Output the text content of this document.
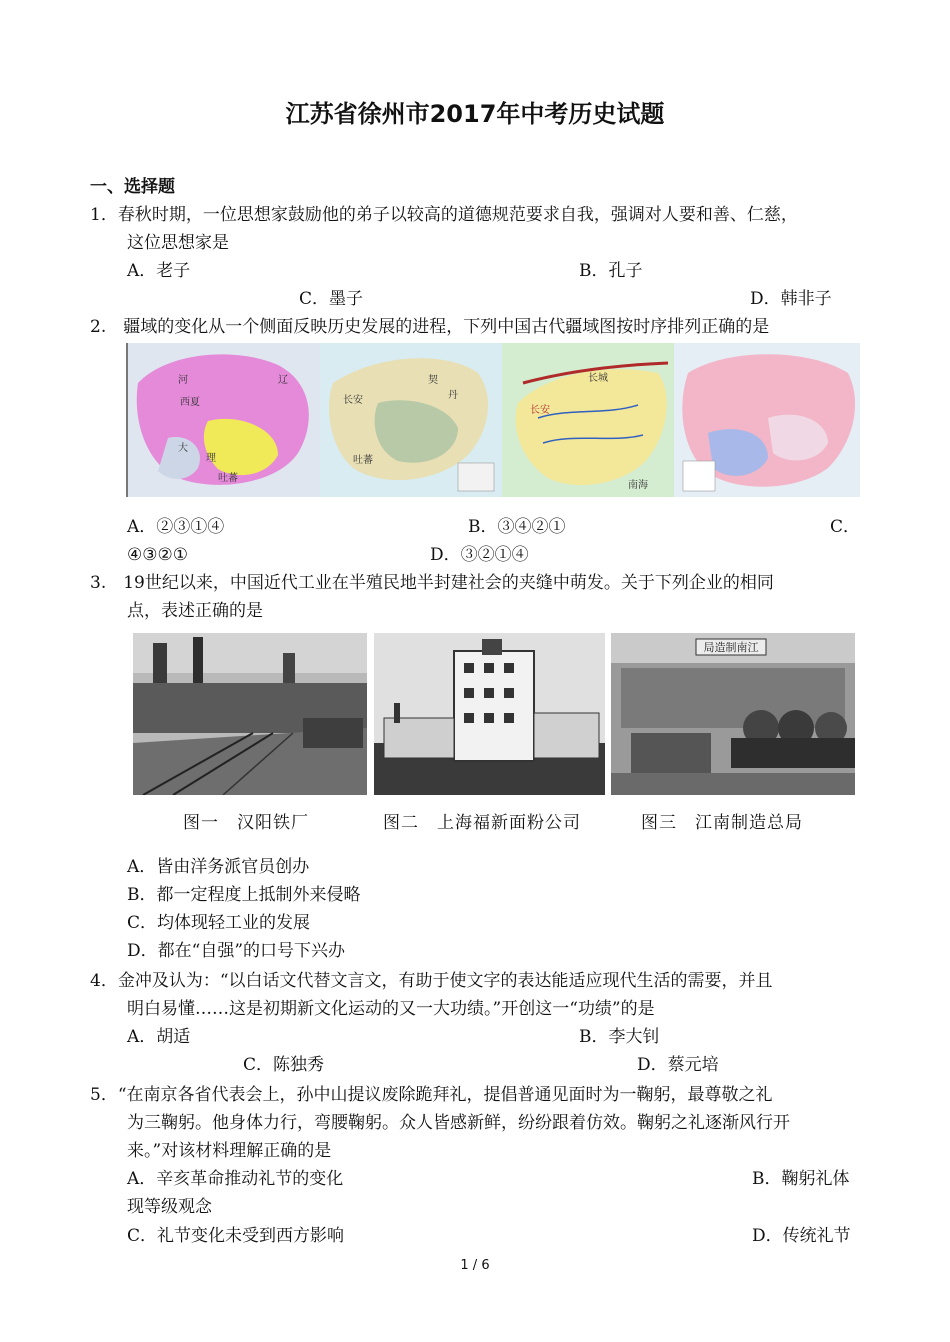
江苏省徐州市2017年中考历史试题
一、选择题
1．春秋时期，一位思想家鼓励他的弟子以较高的道德规范要求自我，强调对人要和善、仁慈，
这位思想家是
A．老子	B．孔子
C．墨子	D．韩非子
2.　疆域的变化从一个侧面反映历史发展的进程，下列中国古代疆域图按时序排列正确的是
河
西夏
大
辽
理
吐蕃
长安
契
丹
吐蕃
长城
长安
南海
A．②③①④	B．③④②①	C．
④③②①	D．③②①④
3.　19世纪以来，中国近代工业在半殖民地半封建社会的夹缝中萌发。关于下列企业的相同
点，表述正确的是
局造制南江
图一　汉阳铁厂	图二　上海福新面粉公司	图三　江南制造总局
A．皆由洋务派官员创办
B．都一定程度上抵制外来侵略
C．均体现轻工业的发展
D．都在“自强”的口号下兴办
4．金冲及认为：“以白话文代替文言文，有助于使文字的表达能适应现代生活的需要，并且
明白易懂……这是初期新文化运动的又一大功绩。”开创这一“功绩”的是
A．胡适	B．李大钊
C．陈独秀	D．蔡元培
5．“在南京各省代表会上，孙中山提议废除跪拜礼，提倡普通见面时为一鞠躬，最尊敬之礼
为三鞠躬。他身体力行，弯腰鞠躬。众人皆感新鲜，纷纷跟着仿效。鞠躬之礼逐渐风行开
来。”对该材料理解正确的是
A．辛亥革命推动礼节的变化	B．鞠躬礼体
现等级观念
C．礼节变化未受到西方影响	D．传统礼节
1 / 6
